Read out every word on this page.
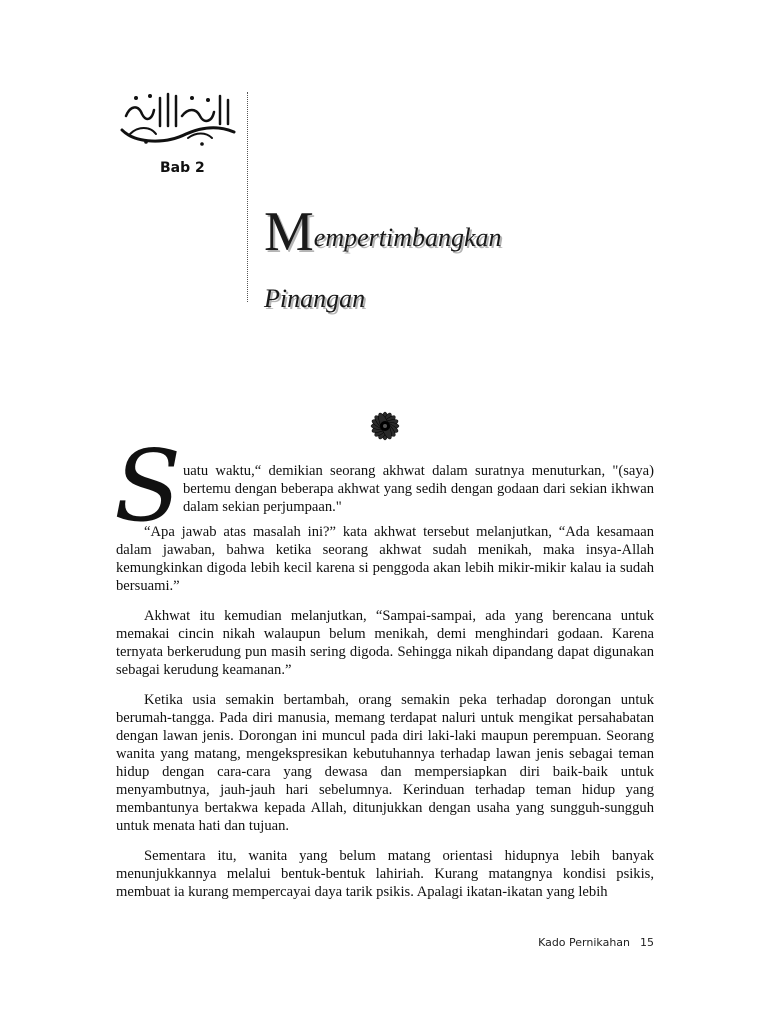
Bab 2
Mempertimbangkan
Pinangan
S uatu waktu,“ demikian seorang akhwat dalam suratnya menuturkan, "(saya) bertemu dengan beberapa akhwat yang sedih dengan godaan dari sekian ikhwan dalam sekian perjumpaan."

“Apa jawab atas masalah ini?” kata akhwat tersebut melanjutkan, “Ada kesamaan dalam jawaban, bahwa ketika seorang akhwat sudah menikah, maka insya-Allah kemungkinkan digoda lebih kecil karena si penggoda akan lebih mikir-mikir kalau ia sudah bersuami.”

Akhwat itu kemudian melanjutkan, “Sampai-sampai, ada yang berencana untuk memakai cincin nikah walaupun belum menikah, demi menghindari godaan. Karena ternyata berkerudung pun masih sering digoda. Sehingga nikah dipandang dapat digunakan sebagai kerudung keamanan.”

Ketika usia semakin bertambah, orang semakin peka terhadap dorongan untuk berumah-tangga. Pada diri manusia, memang terdapat naluri untuk mengikat persahabatan dengan lawan jenis. Dorongan ini muncul pada diri laki-laki maupun perempuan. Seorang wanita yang matang, mengekspresikan kebutuhannya terhadap lawan jenis sebagai teman hidup dengan cara-cara yang dewasa dan mempersiapkan diri baik-baik untuk menyambutnya, jauh-jauh hari sebelumnya. Kerinduan terhadap teman hidup yang membantunya bertakwa kepada Allah, ditunjukkan dengan usaha yang sungguh-sungguh untuk menata hati dan tujuan.

Sementara itu, wanita yang belum matang orientasi hidupnya lebih banyak menunjukkannya melalui bentuk-bentuk lahiriah. Kurang matangnya kondisi psikis, membuat ia kurang mempercayai daya tarik psikis. Apalagi ikatan-ikatan yang lebih

Kado Pernikahan 15
